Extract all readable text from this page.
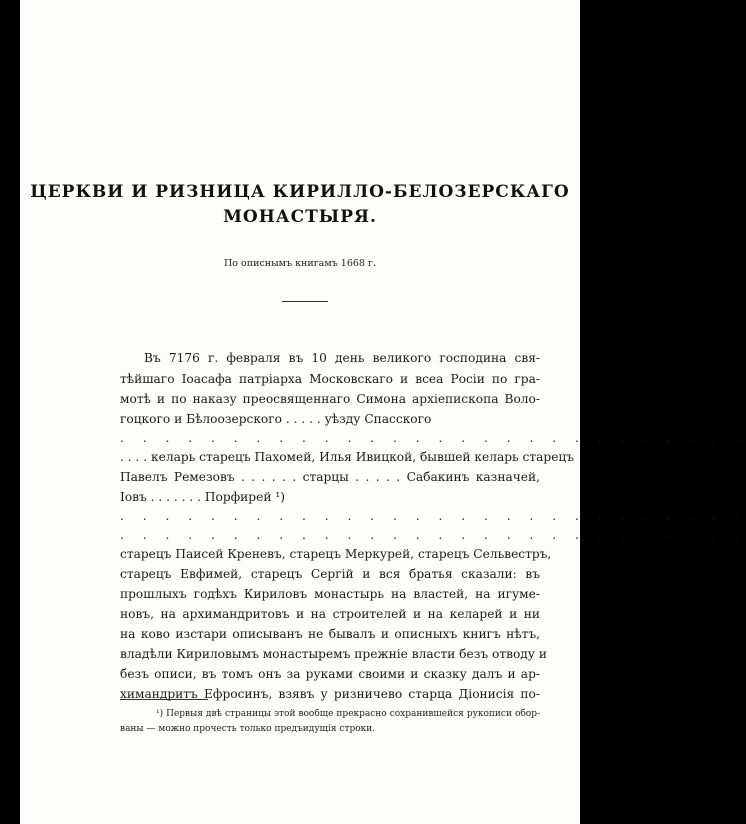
ЦЕРКВИ И РИЗНИЦА КИРИЛЛО-БЕЛОЗЕРСКАГО
МОНАСТЫРЯ.
По описнымъ книгамъ 1668 г.
Въ 7176 г. февраля въ 10 день великого господина свя-
тѣйшаго Іоасафа патріарха Московскаго и всеа Росіи по гра-
мотѣ и по наказу преосвященнаго Симона архіепископа Воло-
гоцкого и Бѣлоозерского . . . . . уѣзду Спасского
. . . . . . . . . . . . . . . . . . . . . . . . . . . .
. . . . келарь старецъ Пахомей, Илья Ивицкой, бывшей келарь старецъ
Павелъ Ремезовъ . . . . . . старцы . . . . . Сабакинъ казначей,
Іовъ . . . . . . . Порфирей ¹)
. . . . . . . . . . . . . . . . . . . . . . . . . . . .
. . . . . . . . . . . . . . . . . . . . . . . . . . . .
старецъ Паисей Креневъ, старецъ Меркурей, старецъ Сельвестръ,
старецъ Евфимей, старецъ Сергій и вся братья сказали: въ
прошлыхъ годѣхъ Кириловъ монастырь на властей, на игуме-
новъ, на архимандритовъ и на строителей и на келарей и ни
на ково изстари описыванъ не бывалъ и описныхъ книгъ нѣтъ,
владѣли Кириловымъ монастыремъ прежніе власти безъ отводу и
безъ описи, въ томъ онъ за руками своими и сказку далъ и ар-
химандритъ Ефросинъ, взявъ у ризничево старца Діонисія по-
¹) Первыя двѣ страницы этой вообще прекрасно сохранившейся рукописи обор-
ваны — можно прочесть только предъидущія строки.
